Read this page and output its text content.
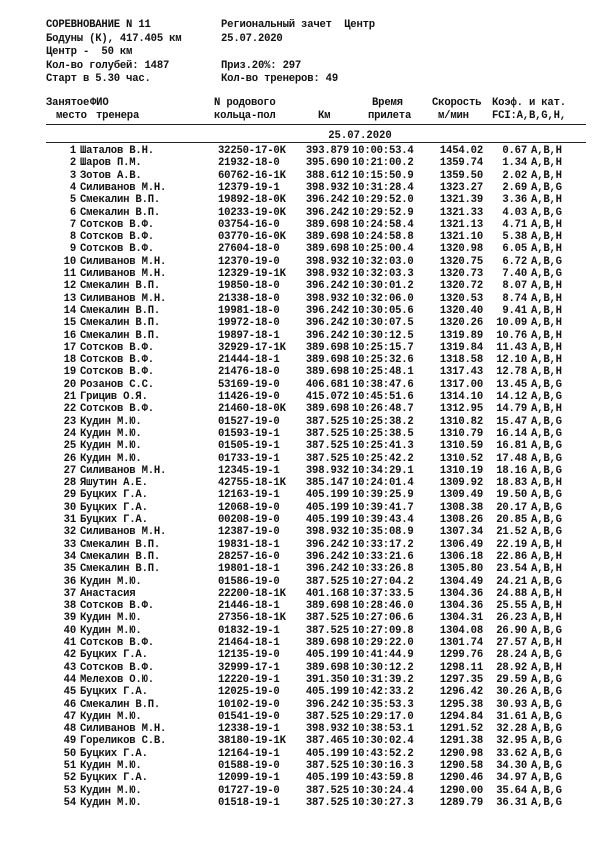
СОРЕВНОВАНИЕ N 11
Бодуны (К), 417.405 км
Центр -  50 км
Кол-во голубей: 1487
Старт в 5.30 час.
Региональный зачет  Центр
25.07.2020
Приз.20%: 297
Кол-во тренеров: 49
Занятое ФИО	N родового	Время	Скорость Коэф. и кат.
место тренера	кольца-пол	Км	прилета	м/мин FCI:A,B,G,H,
25.07.2020
1 Шаталов В.Н.	32250-17-0K 393.879 10:00:53.4	1454.02	0.67 A,B,H
2 Шаров П.М.	21932-18-0 395.690 10:21:00.2	1359.74	1.34 A,B,H
3 Зотов А.В.	60762-16-1K 388.612 10:15:50.9	1359.50	2.02 A,B,H
4 Силиванов М.Н.	12379-19-1 398.932 10:31:28.4	1323.27	2.69 A,B,G
5 Смекалин В.П.	19892-18-0K 396.242 10:29:52.0	1321.39	3.36 A,B,H
6 Смекалин В.П.	10233-19-0K 396.242 10:29:52.9	1321.33	4.03 A,B,G
7 Сотсков В.Ф.	03754-16-0 389.698 10:24:58.4	1321.13	4.71 A,B,H
8 Сотсков В.Ф.	03770-16-0K 389.698 10:24:58.8	1321.10	5.38 A,B,H
9 Сотсков В.Ф.	27604-18-0 389.698 10:25:00.4	1320.98	6.05 A,B,H
10 Силиванов М.Н.	12370-19-0 398.932 10:32:03.0	1320.75	6.72 A,B,G
11 Силиванов М.Н.	12329-19-1K 398.932 10:32:03.3	1320.73	7.40 A,B,G
12 Смекалин В.П.	19850-18-0 396.242 10:30:01.2	1320.72	8.07 A,B,H
13 Силиванов М.Н.	21338-18-0 398.932 10:32:06.0	1320.53	8.74 A,B,H
14 Смекалин В.П.	19981-18-0 396.242 10:30:05.6	1320.40	9.41 A,B,H
15 Смекалин В.П.	19972-18-0 396.242 10:30:07.5	1320.26	10.09 A,B,H
16 Смекалин В.П.	19897-18-1 396.242 10:30:12.5	1319.89	10.76 A,B,H
17 Сотсков В.Ф.	32929-17-1K 389.698 10:25:15.7	1319.84	11.43 A,B,H
18 Сотсков В.Ф.	21444-18-1 389.698 10:25:32.6	1318.58	12.10 A,B,H
19 Сотсков В.Ф.	21476-18-0 389.698 10:25:48.1	1317.43	12.78 A,B,H
20 Розанов С.С.	53169-19-0 406.681 10:38:47.6	1317.00	13.45 A,B,G
21 Грицив О.Я.	11426-19-0 415.072 10:45:51.6	1314.10	14.12 A,B,G
22 Сотсков В.Ф.	21460-18-0K 389.698 10:26:48.7	1312.95	14.79 A,B,H
23 Кудин М.Ю.	01527-19-0 387.525 10:25:38.2	1310.82	15.47 A,B,G
24 Кудин М.Ю.	01593-19-1 387.525 10:25:38.5	1310.79	16.14 A,B,G
25 Кудин М.Ю.	01505-19-1 387.525 10:25:41.3	1310.59	16.81 A,B,G
26 Кудин М.Ю.	01733-19-1 387.525 10:25:42.2	1310.52	17.48 A,B,G
27 Силиванов М.Н.	12345-19-1 398.932 10:34:29.1	1310.19	18.16 A,B,G
28 Яшутин А.Е.	42755-18-1K 385.147 10:24:01.4	1309.92	18.83 A,B,H
29 Буцких Г.А.	12163-19-1 405.199 10:39:25.9	1309.49	19.50 A,B,G
30 Буцких Г.А.	12068-19-0 405.199 10:39:41.7	1308.38	20.17 A,B,G
31 Буцких Г.А.	00208-19-0 405.199 10:39:43.4	1308.26	20.85 A,B,G
32 Силиванов М.Н.	12387-19-0 398.932 10:35:08.9	1307.34	21.52 A,B,G
33 Смекалин В.П.	19831-18-1 396.242 10:33:17.2	1306.49	22.19 A,B,H
34 Смекалин В.П.	28257-16-0 396.242 10:33:21.6	1306.18	22.86 A,B,H
35 Смекалин В.П.	19801-18-1 396.242 10:33:26.8	1305.80	23.54 A,B,H
36 Кудин М.Ю.	01586-19-0 387.525 10:27:04.2	1304.49	24.21 A,B,G
37 Анастасия	22200-18-1K 401.168 10:37:33.5	1304.36	24.88 A,B,H
38 Сотсков В.Ф.	21446-18-1 389.698 10:28:46.0	1304.36	25.55 A,B,H
39 Кудин М.Ю.	27356-18-1K 387.525 10:27:06.6	1304.31	26.23 A,B,H
40 Кудин М.Ю.	01832-19-1 387.525 10:27:09.8	1304.08	26.90 A,B,G
41 Сотсков В.Ф.	21464-18-1 389.698 10:29:22.0	1301.74	27.57 A,B,H
42 Буцких Г.А.	12135-19-0 405.199 10:41:44.9	1299.76	28.24 A,B,G
43 Сотсков В.Ф.	32999-17-1 389.698 10:30:12.2	1298.11	28.92 A,B,H
44 Мелехов О.Ю.	12220-19-1 391.350 10:31:39.2	1297.35	29.59 A,B,G
45 Буцких Г.А.	12025-19-0 405.199 10:42:33.2	1296.42	30.26 A,B,G
46 Смекалин В.П.	10102-19-0 396.242 10:35:53.3	1295.38	30.93 A,B,G
47 Кудин М.Ю.	01541-19-0 387.525 10:29:17.0	1294.84	31.61 A,B,G
48 Силиванов М.Н.	12338-19-1 398.932 10:38:53.1	1291.52	32.28 A,B,G
49 Гореликов С.В.	38180-19-1K 387.465 10:30:02.4	1291.38	32.95 A,B,G
50 Буцких Г.А.	12164-19-1 405.199 10:43:52.2	1290.98	33.62 A,B,G
51 Кудин М.Ю.	01588-19-0 387.525 10:30:16.3	1290.58	34.30 A,B,G
52 Буцких Г.А.	12099-19-1 405.199 10:43:59.8	1290.46	34.97 A,B,G
53 Кудин М.Ю.	01727-19-0 387.525 10:30:24.4	1290.00	35.64 A,B,G
54 Кудин М.Ю.	01518-19-1 387.525 10:30:27.3	1289.79	36.31 A,B,G
